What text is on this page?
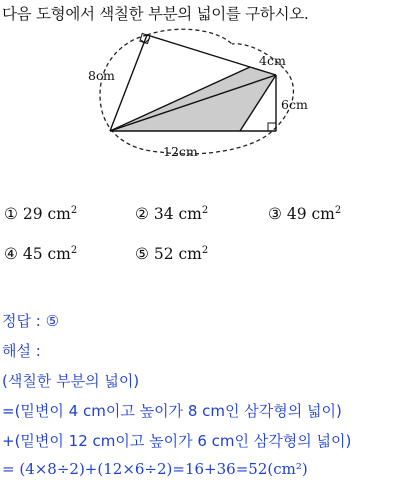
다음 도형에서 색칠한 부분의 넓이를 구하시오.
8cm
4cm
6cm
12cm
① 29 $cm^2$	② 34 $cm^2$	③ 49 $cm^2$
④ 45 $cm^2$	⑤ 52 $cm^2$
정답 : ⑤
해설 :
(색칠한 부분의 넓이)
=(밑변이 4 cm이고 높이가 8 cm인 삼각형의 넓이)
+(밑변이 12 cm이고 높이가 6 cm인 삼각형의 넓이)
= (4×8÷2)+(12×6÷2)=16+36=52(cm²)
